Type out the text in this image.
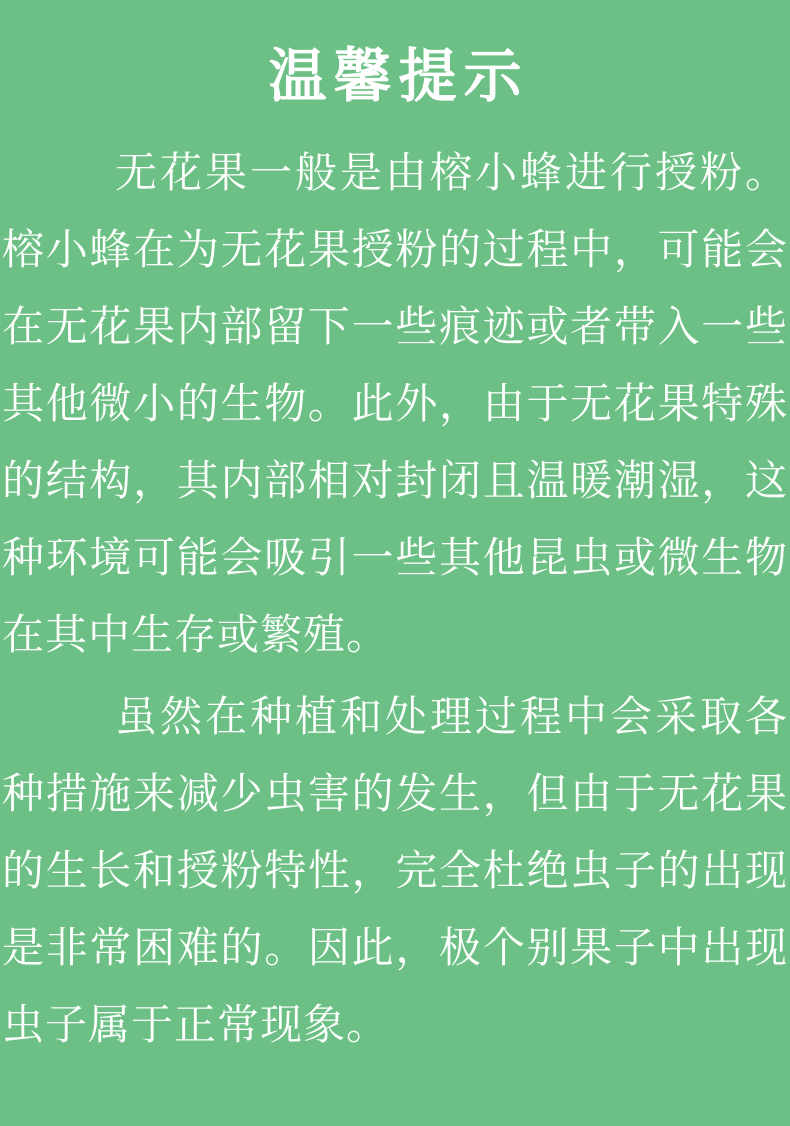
温馨提示

无花果一般是由榕小蜂进行授粉。榕小蜂在为无花果授粉的过程中，可能会在无花果内部留下一些痕迹或者带入一些其他微小的生物。此外，由于无花果特殊的结构，其内部相对封闭且温暖潮湿，这种环境可能会吸引一些其他昆虫或微生物在其中生存或繁殖。

虽然在种植和处理过程中会采取各种措施来减少虫害的发生，但由于无花果的生长和授粉特性，完全杜绝虫子的出现是非常困难的。因此，极个别果子中出现虫子属于正常现象。
